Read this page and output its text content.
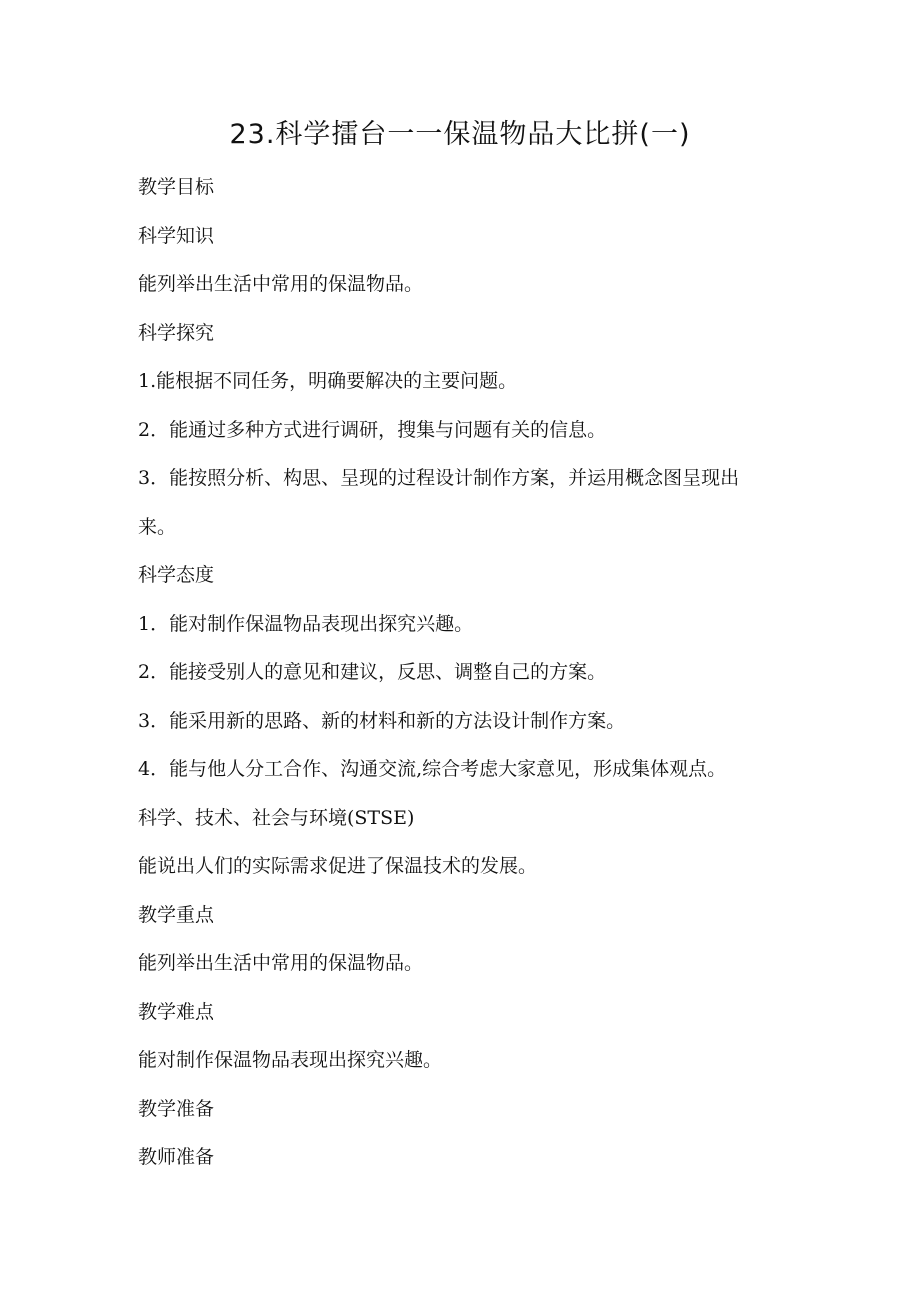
23.科学擂台一一保温物品大比拼(一)
教学目标
科学知识
能列举出生活中常用的保温物品。
科学探究
1.能根据不同任务，明确要解决的主要问题。
2．能通过多种方式进行调研，搜集与问题有关的信息。
3．能按照分析、构思、呈现的过程设计制作方案，并运用概念图呈现出
来。
科学态度
1．能对制作保温物品表现出探究兴趣。
2．能接受别人的意见和建议，反思、调整自己的方案。
3．能采用新的思路、新的材料和新的方法设计制作方案。
4．能与他人分工合作、沟通交流,综合考虑大家意见，形成集体观点。
科学、技术、社会与环境(STSE)
能说出人们的实际需求促进了保温技术的发展。
教学重点
能列举出生活中常用的保温物品。
教学难点
能对制作保温物品表现出探究兴趣。
教学准备
教师准备
